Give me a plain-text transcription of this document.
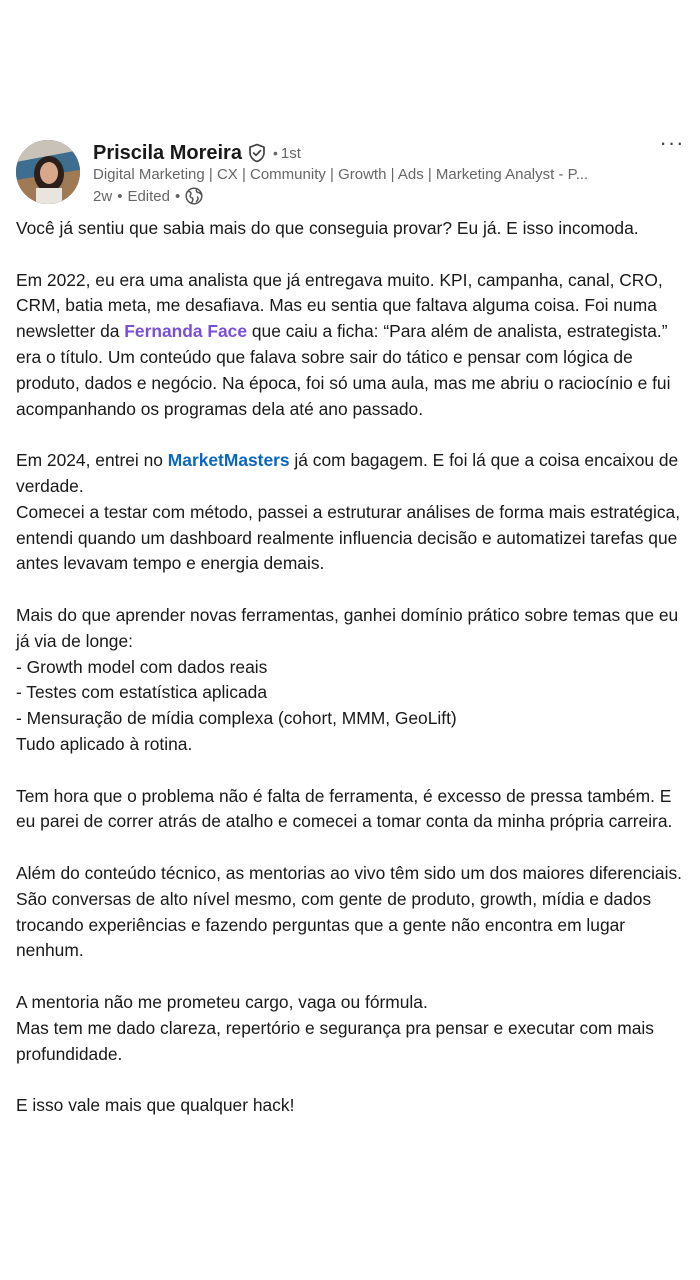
Priscila Moreira • 1st
Digital Marketing | CX | Community | Growth | Ads | Marketing Analyst - P...
2w • Edited •
···

Você já sentiu que sabia mais do que conseguia provar? Eu já. E isso incomoda.

Em 2022, eu era uma analista que já entregava muito. KPI, campanha, canal, CRO, CRM, batia meta, me desafiava. Mas eu sentia que faltava alguma coisa. Foi numa newsletter da Fernanda Face que caiu a ficha: “Para além de analista, estrategista.” era o título. Um conteúdo que falava sobre sair do tático e pensar com lógica de produto, dados e negócio. Na época, foi só uma aula, mas me abriu o raciocínio e fui acompanhando os programas dela até ano passado.

Em 2024, entrei no MarketMasters já com bagagem. E foi lá que a coisa encaixou de verdade.

Comecei a testar com método, passei a estruturar análises de forma mais estratégica, entendi quando um dashboard realmente influencia decisão e automatizei tarefas que antes levavam tempo e energia demais.

Mais do que aprender novas ferramentas, ganhei domínio prático sobre temas que eu já via de longe:

- Growth model com dados reais

- Testes com estatística aplicada

- Mensuração de mídia complexa (cohort, MMM, GeoLift)

Tudo aplicado à rotina.

Tem hora que o problema não é falta de ferramenta, é excesso de pressa também. E eu parei de correr atrás de atalho e comecei a tomar conta da minha própria carreira.

Além do conteúdo técnico, as mentorias ao vivo têm sido um dos maiores diferenciais. São conversas de alto nível mesmo, com gente de produto, growth, mídia e dados trocando experiências e fazendo perguntas que a gente não encontra em lugar nenhum.

A mentoria não me prometeu cargo, vaga ou fórmula.

Mas tem me dado clareza, repertório e segurança pra pensar e executar com mais profundidade.

E isso vale mais que qualquer hack!
